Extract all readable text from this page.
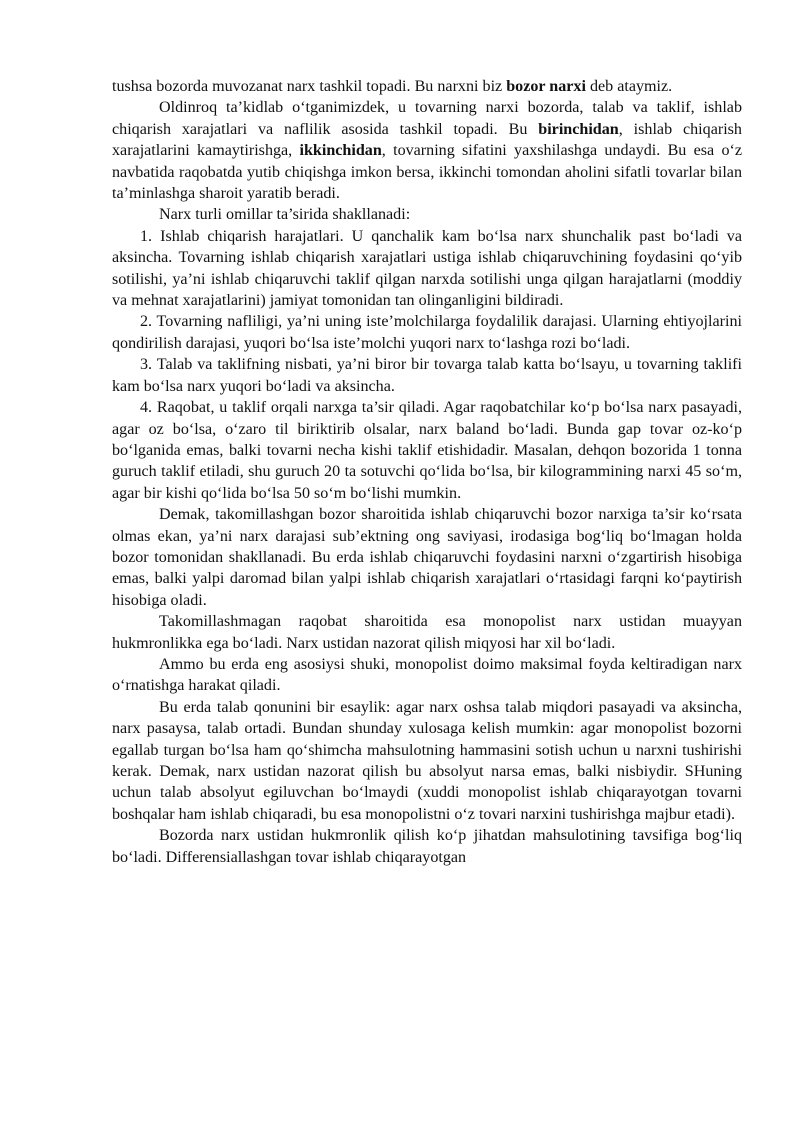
tushsa bozorda muvozanat narx tashkil topadi. Bu narxni biz bozor narxi deb ataymiz.

Oldinroq ta’kidlab o‘tganimizdek, u tovarning narxi bozorda, talab va taklif, ishlab chiqarish xarajatlari va naflilik asosida tashkil topadi. Bu birinchidan, ishlab chiqarish xarajatlarini kamaytirishga, ikkinchidan, tovarning sifatini yaxshilashga undaydi. Bu esa o‘z navbatida raqobatda yutib chiqishga imkon bersa, ikkinchi tomondan aholini sifatli tovarlar bilan ta’minlashga sharoit yaratib beradi.

Narx turli omillar ta’sirida shakllanadi:

1. Ishlab chiqarish harajatlari. U qanchalik kam bo‘lsa narx shunchalik past bo‘ladi va aksincha. Tovarning ishlab chiqarish xarajatlari ustiga ishlab chiqaruvchining foydasini qo‘yib sotilishi, ya’ni ishlab chiqaruvchi taklif qilgan narxda sotilishi unga qilgan harajatlarni (moddiy va mehnat xarajatlarini) jamiyat tomonidan tan olinganligini bildiradi.
2. Tovarning nafliligi, ya’ni uning iste’molchilarga foydalilik darajasi. Ularning ehtiyojlarini qondirilish darajasi, yuqori bo‘lsa iste’molchi yuqori narx to‘lashga rozi bo‘ladi.
3. Talab va taklifning nisbati, ya’ni biror bir tovarga talab katta bo‘lsayu, u tovarning taklifi kam bo‘lsa narx yuqori bo‘ladi va aksincha.
4. Raqobat, u taklif orqali narxga ta’sir qiladi. Agar raqobatchilar ko‘p bo‘lsa narx pasayadi, agar oz bo‘lsa, o‘zaro til biriktirib olsalar, narx baland bo‘ladi. Bunda gap tovar oz-ko‘p bo‘lganida emas, balki tovarni necha kishi taklif etishidadir. Masalan, dehqon bozorida 1 tonna guruch taklif etiladi, shu guruch 20 ta sotuvchi qo‘lida bo‘lsa, bir kilogrammining narxi 45 so‘m, agar bir kishi qo‘lida bo‘lsa 50 so‘m bo‘lishi mumkin.

Demak, takomillashgan bozor sharoitida ishlab chiqaruvchi bozor narxiga ta’sir ko‘rsata olmas ekan, ya’ni narx darajasi sub’ektning ong saviyasi, irodasiga bog‘liq bo‘lmagan holda bozor tomonidan shakllanadi. Bu erda ishlab chiqaruvchi foydasini narxni o‘zgartirish hisobiga emas, balki yalpi daromad bilan yalpi ishlab chiqarish xarajatlari o‘rtasidagi farqni ko‘paytirish hisobiga oladi.

Takomillashmagan raqobat sharoitida esa monopolist narx ustidan muayyan hukmronlikka ega bo‘ladi. Narx ustidan nazorat qilish miqyosi har xil bo‘ladi.

Ammo bu erda eng asosiysi shuki, monopolist doimo maksimal foyda keltiradigan narx o‘rnatishga harakat qiladi.

Bu erda talab qonunini bir esaylik: agar narx oshsa talab miqdori pasayadi va aksincha, narx pasaysa, talab ortadi. Bundan shunday xulosaga kelish mumkin: agar monopolist bozorni egallab turgan bo‘lsa ham qo‘shimcha mahsulotning hammasini sotish uchun u narxni tushirishi kerak. Demak, narx ustidan nazorat qilish bu absolyut narsa emas, balki nisbiydir. SHuning uchun talab absolyut egiluvchan bo‘lmaydi (xuddi monopolist ishlab chiqarayotgan tovarni boshqalar ham ishlab chiqaradi, bu esa monopolistni o‘z tovari narxini tushirishga majbur etadi).

Bozorda narx ustidan hukmronlik qilish ko‘p jihatdan mahsulotining tavsifiga bog‘liq bo‘ladi. Differensiallashgan tovar ishlab chiqarayotgan
